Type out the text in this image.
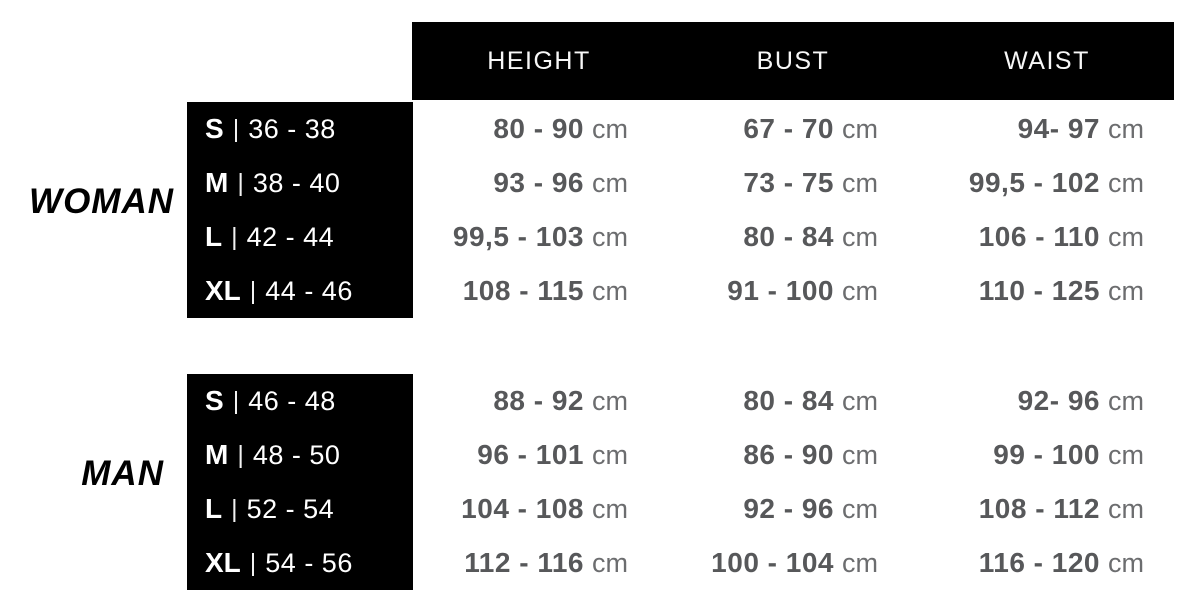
HEIGHT	BUST	WAIST
WOMAN
MAN
S | 36 - 38
M | 38 - 40
L | 42 - 44
XL | 44 - 46
80 - 90 cm
93 - 96 cm
99,5 - 103 cm
108 - 115 cm
67 - 70 cm
73 - 75 cm
80 - 84 cm
91 - 100 cm
94- 97 cm
99,5 - 102 cm
106 - 110 cm
110 - 125 cm
S | 46 - 48
M | 48 - 50
L | 52 - 54
XL | 54 - 56
88 - 92 cm
96 - 101 cm
104 - 108 cm
112 - 116 cm
80 - 84 cm
86 - 90 cm
92 - 96 cm
100 - 104 cm
92- 96 cm
99 - 100 cm
108 - 112 cm
116 - 120 cm
